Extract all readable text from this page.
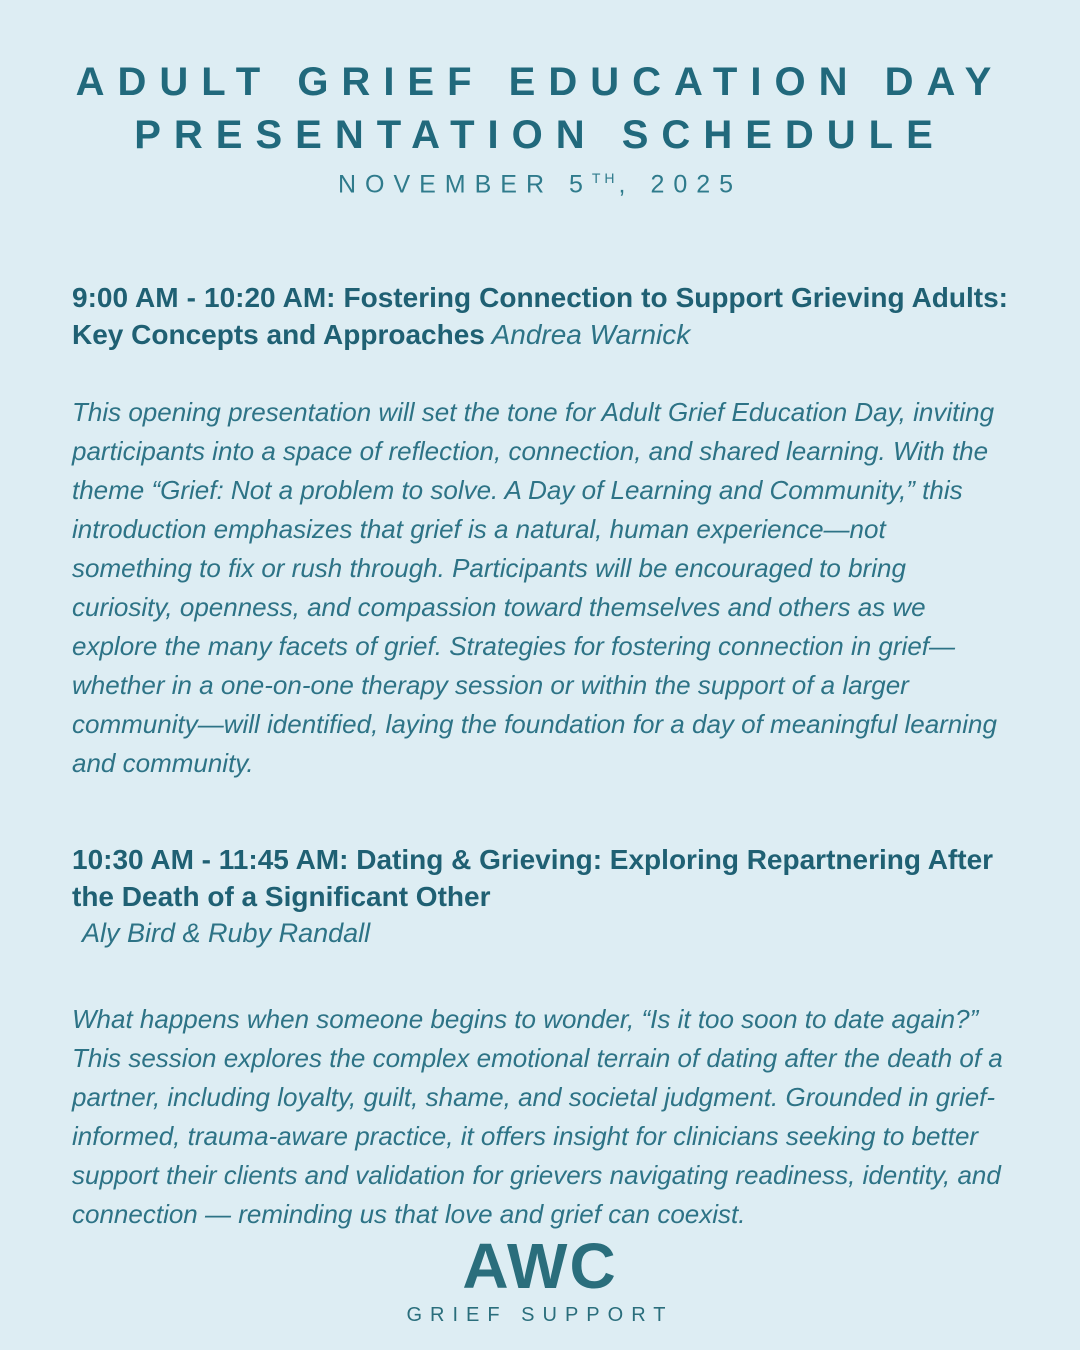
ADULT GRIEF EDUCATION DAY
PRESENTATION SCHEDULE
NOVEMBER 5TH, 2025
9:00 AM - 10:20 AM: Fostering Connection to Support Grieving Adults: Key Concepts and Approaches Andrea Warnick

This opening presentation will set the tone for Adult Grief Education Day, inviting participants into a space of reflection, connection, and shared learning. With the theme “Grief: Not a problem to solve. A Day of Learning and Community,” this introduction emphasizes that grief is a natural, human experience—not something to fix or rush through. Participants will be encouraged to bring curiosity, openness, and compassion toward themselves and others as we explore the many facets of grief. Strategies for fostering connection in grief—whether in a one-on-one therapy session or within the support of a larger community—will identified, laying the foundation for a day of meaningful learning and community.

10:30 AM - 11:45 AM: Dating & Grieving: Exploring Repartnering After the Death of a Significant Other
Aly Bird & Ruby Randall

What happens when someone begins to wonder, “Is it too soon to date again?” This session explores the complex emotional terrain of dating after the death of a partner, including loyalty, guilt, shame, and societal judgment. Grounded in grief-informed, trauma-aware practice, it offers insight for clinicians seeking to better support their clients and validation for grievers navigating readiness, identity, and connection — reminding us that love and grief can coexist.

AWC
GRIEF SUPPORT
